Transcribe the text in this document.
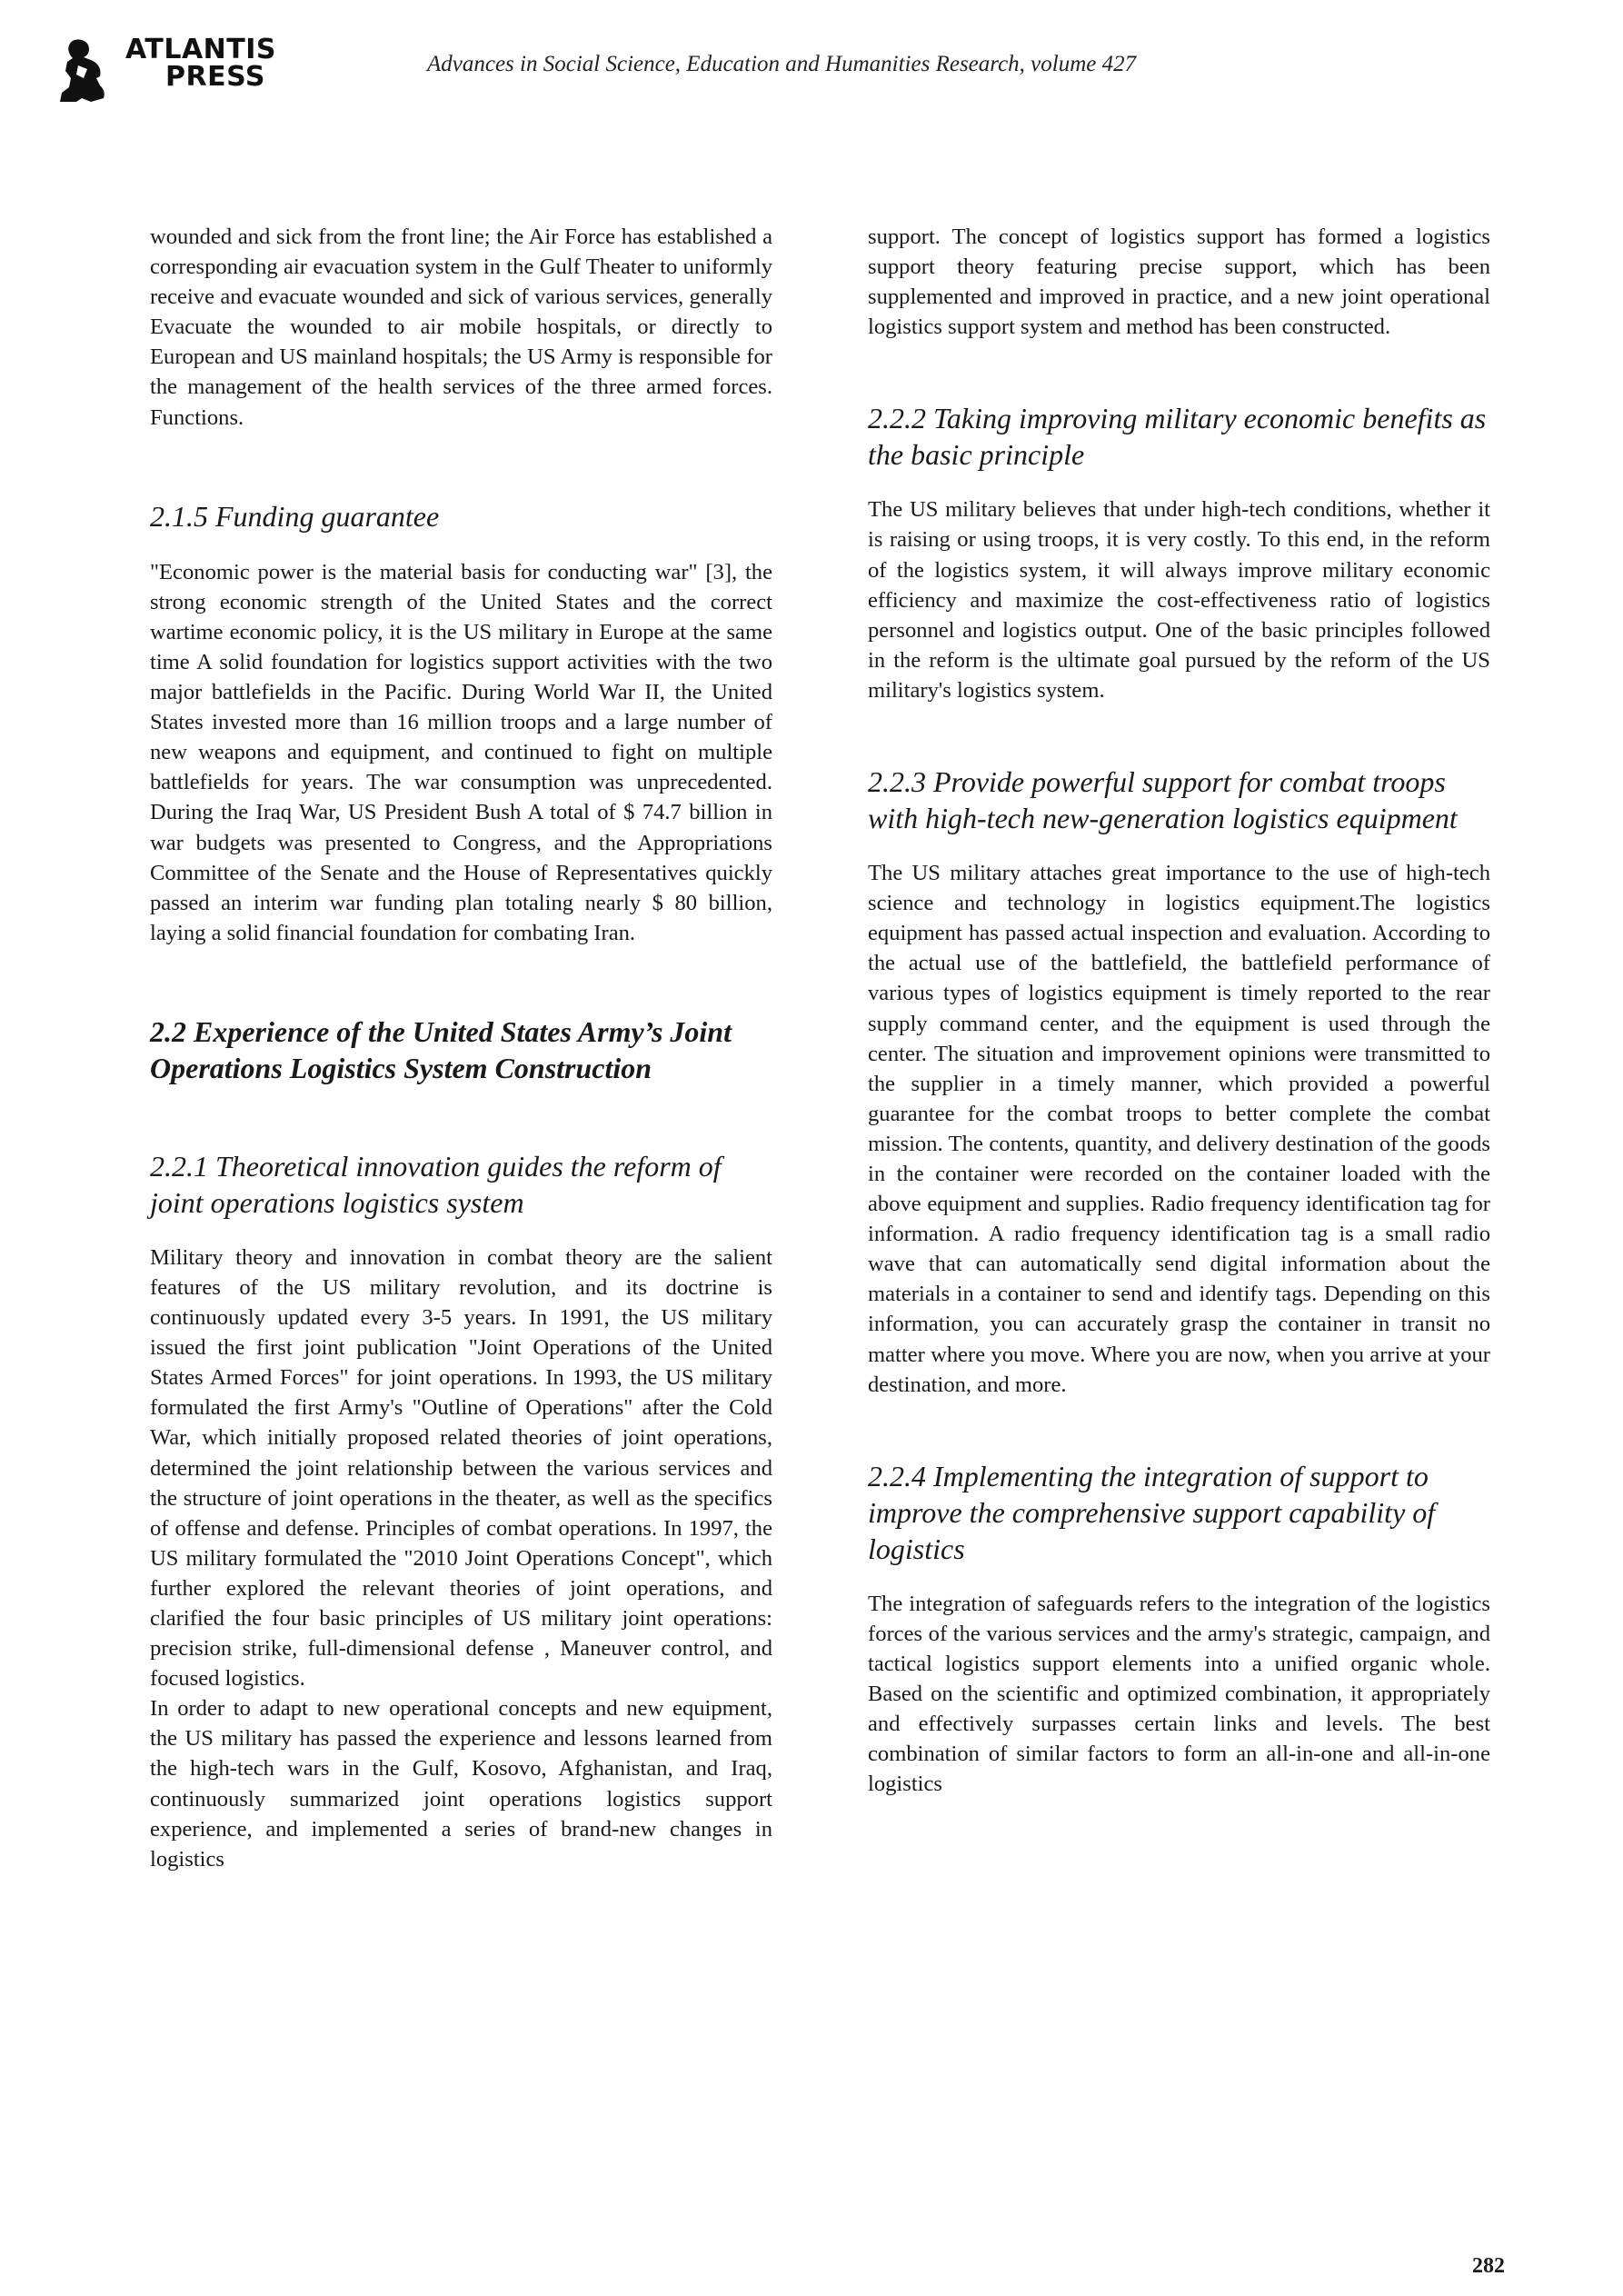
ATLANTIS
PRESS	Advances in Social Science, Education and Humanities Research, volume 427

wounded and sick from the front line; the Air Force has established a corresponding air evacuation system in the Gulf Theater to uniformly receive and evacuate wounded and sick of various services, generally Evacuate the wounded to air mobile hospitals, or directly to European and US mainland hospitals; the US Army is responsible for the management of the health services of the three armed forces. Functions.

2.1.5 Funding guarantee

"Economic power is the material basis for conducting war" [3], the strong economic strength of the United States and the correct wartime economic policy, it is the US military in Europe at the same time A solid foundation for logistics support activities with the two major battlefields in the Pacific. During World War II, the United States invested more than 16 million troops and a large number of new weapons and equipment, and continued to fight on multiple battlefields for years. The war consumption was unprecedented. During the Iraq War, US President Bush A total of $ 74.7 billion in war budgets was presented to Congress, and the Appropriations Committee of the Senate and the House of Representatives quickly passed an interim war funding plan totaling nearly $ 80 billion, laying a solid financial foundation for combating Iran.

2.2 Experience of the United States Army’s Joint Operations Logistics System Construction
2.2.1 Theoretical innovation guides the reform of joint operations logistics system

Military theory and innovation in combat theory are the salient features of the US military revolution, and its doctrine is continuously updated every 3-5 years. In 1991, the US military issued the first joint publication "Joint Operations of the United States Armed Forces" for joint operations. In 1993, the US military formulated the first Army's "Outline of Operations" after the Cold War, which initially proposed related theories of joint operations, determined the joint relationship between the various services and the structure of joint operations in the theater, as well as the specifics of offense and defense. Principles of combat operations. In 1997, the US military formulated the "2010 Joint Operations Concept", which further explored the relevant theories of joint operations, and clarified the four basic principles of US military joint operations: precision strike, full-dimensional defense , Maneuver control, and focused logistics.

In order to adapt to new operational concepts and new equipment, the US military has passed the experience and lessons learned from the high-tech wars in the Gulf, Kosovo, Afghanistan, and Iraq, continuously summarized joint operations logistics support experience, and implemented a series of brand-new changes in logistics

support. The concept of logistics support has formed a logistics support theory featuring precise support, which has been supplemented and improved in practice, and a new joint operational logistics support system and method has been constructed.

2.2.2 Taking improving military economic benefits as the basic principle

The US military believes that under high-tech conditions, whether it is raising or using troops, it is very costly. To this end, in the reform of the logistics system, it will always improve military economic efficiency and maximize the cost-effectiveness ratio of logistics personnel and logistics output. One of the basic principles followed in the reform is the ultimate goal pursued by the reform of the US military's logistics system.

2.2.3 Provide powerful support for combat troops with high-tech new-generation logistics equipment

The US military attaches great importance to the use of high-tech science and technology in logistics equipment.The logistics equipment has passed actual inspection and evaluation. According to the actual use of the battlefield, the battlefield performance of various types of logistics equipment is timely reported to the rear supply command center, and the equipment is used through the center. The situation and improvement opinions were transmitted to the supplier in a timely manner, which provided a powerful guarantee for the combat troops to better complete the combat mission. The contents, quantity, and delivery destination of the goods in the container were recorded on the container loaded with the above equipment and supplies. Radio frequency identification tag for information. A radio frequency identification tag is a small radio wave that can automatically send digital information about the materials in a container to send and identify tags. Depending on this information, you can accurately grasp the container in transit no matter where you move. Where you are now, when you arrive at your destination, and more.

2.2.4 Implementing the integration of support to improve the comprehensive support capability of logistics

The integration of safeguards refers to the integration of the logistics forces of the various services and the army's strategic, campaign, and tactical logistics support elements into a unified organic whole. Based on the scientific and optimized combination, it appropriately and effectively surpasses certain links and levels. The best combination of similar factors to form an all-in-one and all-in-one logistics

282
